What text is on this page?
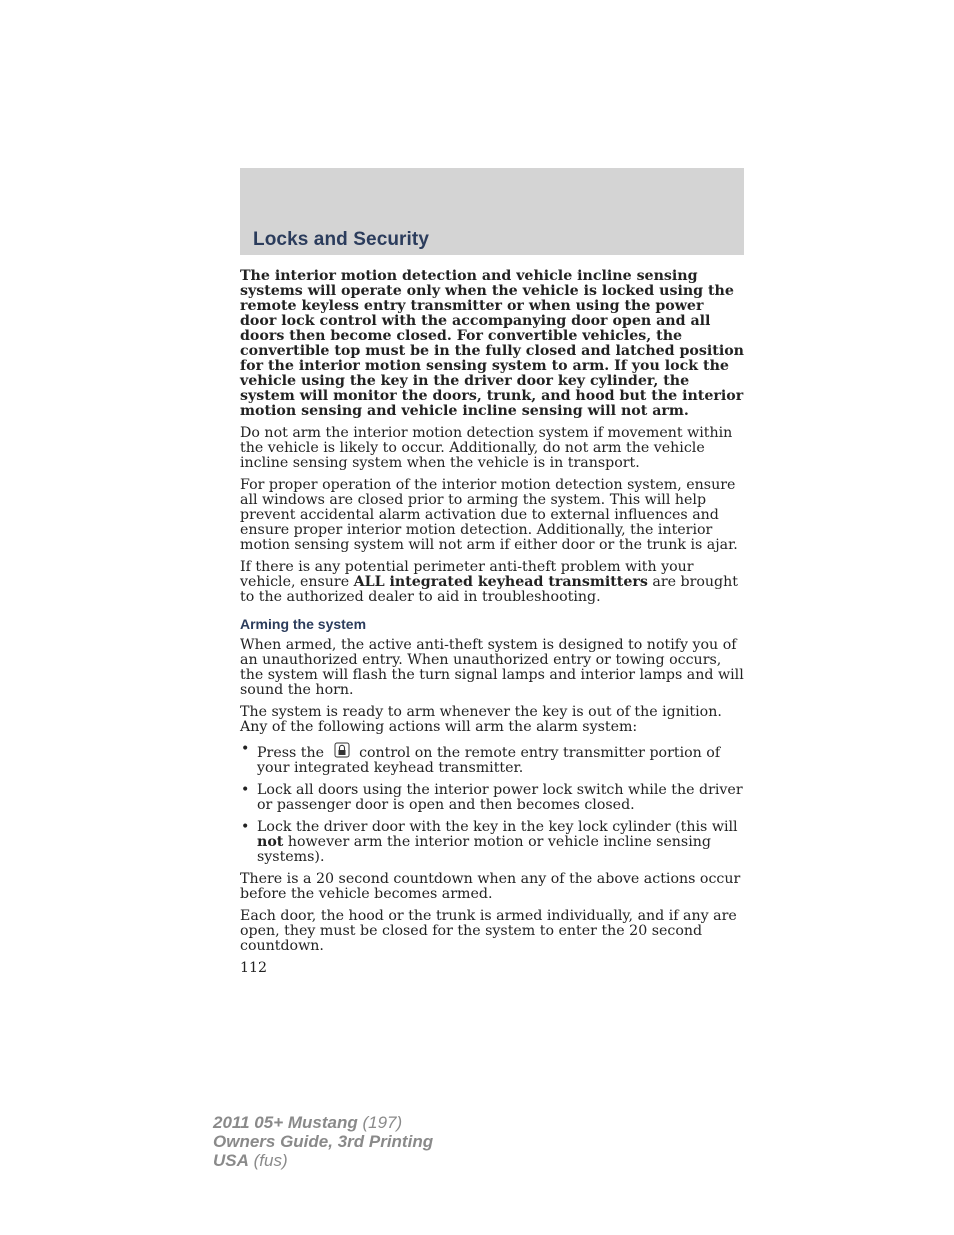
Locks and Security

The interior motion detection and vehicle incline sensing systems will operate only when the vehicle is locked using the remote keyless entry transmitter or when using the power door lock control with the accompanying door open and all doors then become closed. For convertible vehicles, the convertible top must be in the fully closed and latched position for the interior motion sensing system to arm. If you lock the vehicle using the key in the driver door key cylinder, the system will monitor the doors, trunk, and hood but the interior motion sensing and vehicle incline sensing will not arm.

Do not arm the interior motion detection system if movement within the vehicle is likely to occur. Additionally, do not arm the vehicle incline sensing system when the vehicle is in transport.

For proper operation of the interior motion detection system, ensure all windows are closed prior to arming the system. This will help prevent accidental alarm activation due to external influences and ensure proper interior motion detection. Additionally, the interior motion sensing system will not arm if either door or the trunk is ajar.

If there is any potential perimeter anti-theft problem with your vehicle, ensure ALL integrated keyhead transmitters are brought to the authorized dealer to aid in troubleshooting.

Arming the system

When armed, the active anti-theft system is designed to notify you of an unauthorized entry. When unauthorized entry or towing occurs, the system will flash the turn signal lamps and interior lamps and will sound the horn.

The system is ready to arm whenever the key is out of the ignition. Any of the following actions will arm the alarm system:

• Press the control on the remote entry transmitter portion of your integrated keyhead transmitter.
• Lock all doors using the interior power lock switch while the driver or passenger door is open and then becomes closed.
• Lock the driver door with the key in the key lock cylinder (this will not however arm the interior motion or vehicle incline sensing systems).

There is a 20 second countdown when any of the above actions occur before the vehicle becomes armed.

Each door, the hood or the trunk is armed individually, and if any are open, they must be closed for the system to enter the 20 second countdown.

112
2011 05+ Mustang (197)
Owners Guide, 3rd Printing
USA (fus)
